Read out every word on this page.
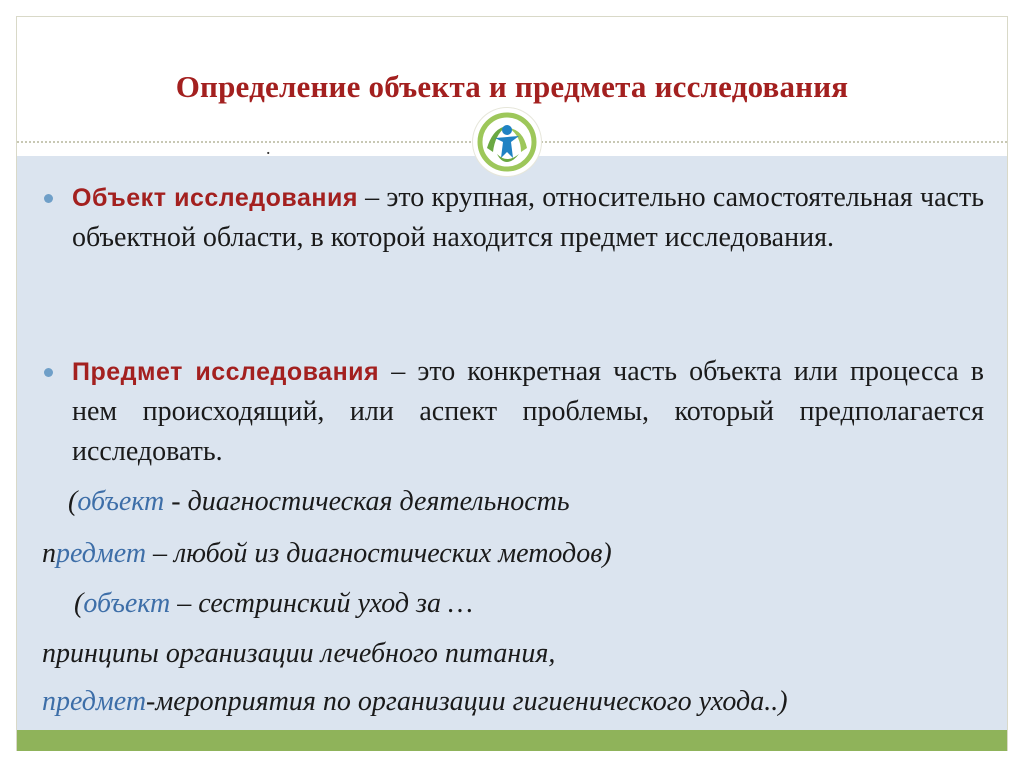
Определение объекта и предмета исследования
.
Объект исследования – это крупная, относительно самостоятельная часть объектной области, в которой находится предмет исследования.
Предмет исследования – это конкретная часть объекта или процесса в нем происходящий, или аспект проблемы, который предполагается исследовать.
(объект - диагностическая деятельность
предмет – любой из диагностических методов)
(объект – сестринский уход за …
принципы организации лечебного питания,
предмет-мероприятия по организации гигиенического ухода..)
